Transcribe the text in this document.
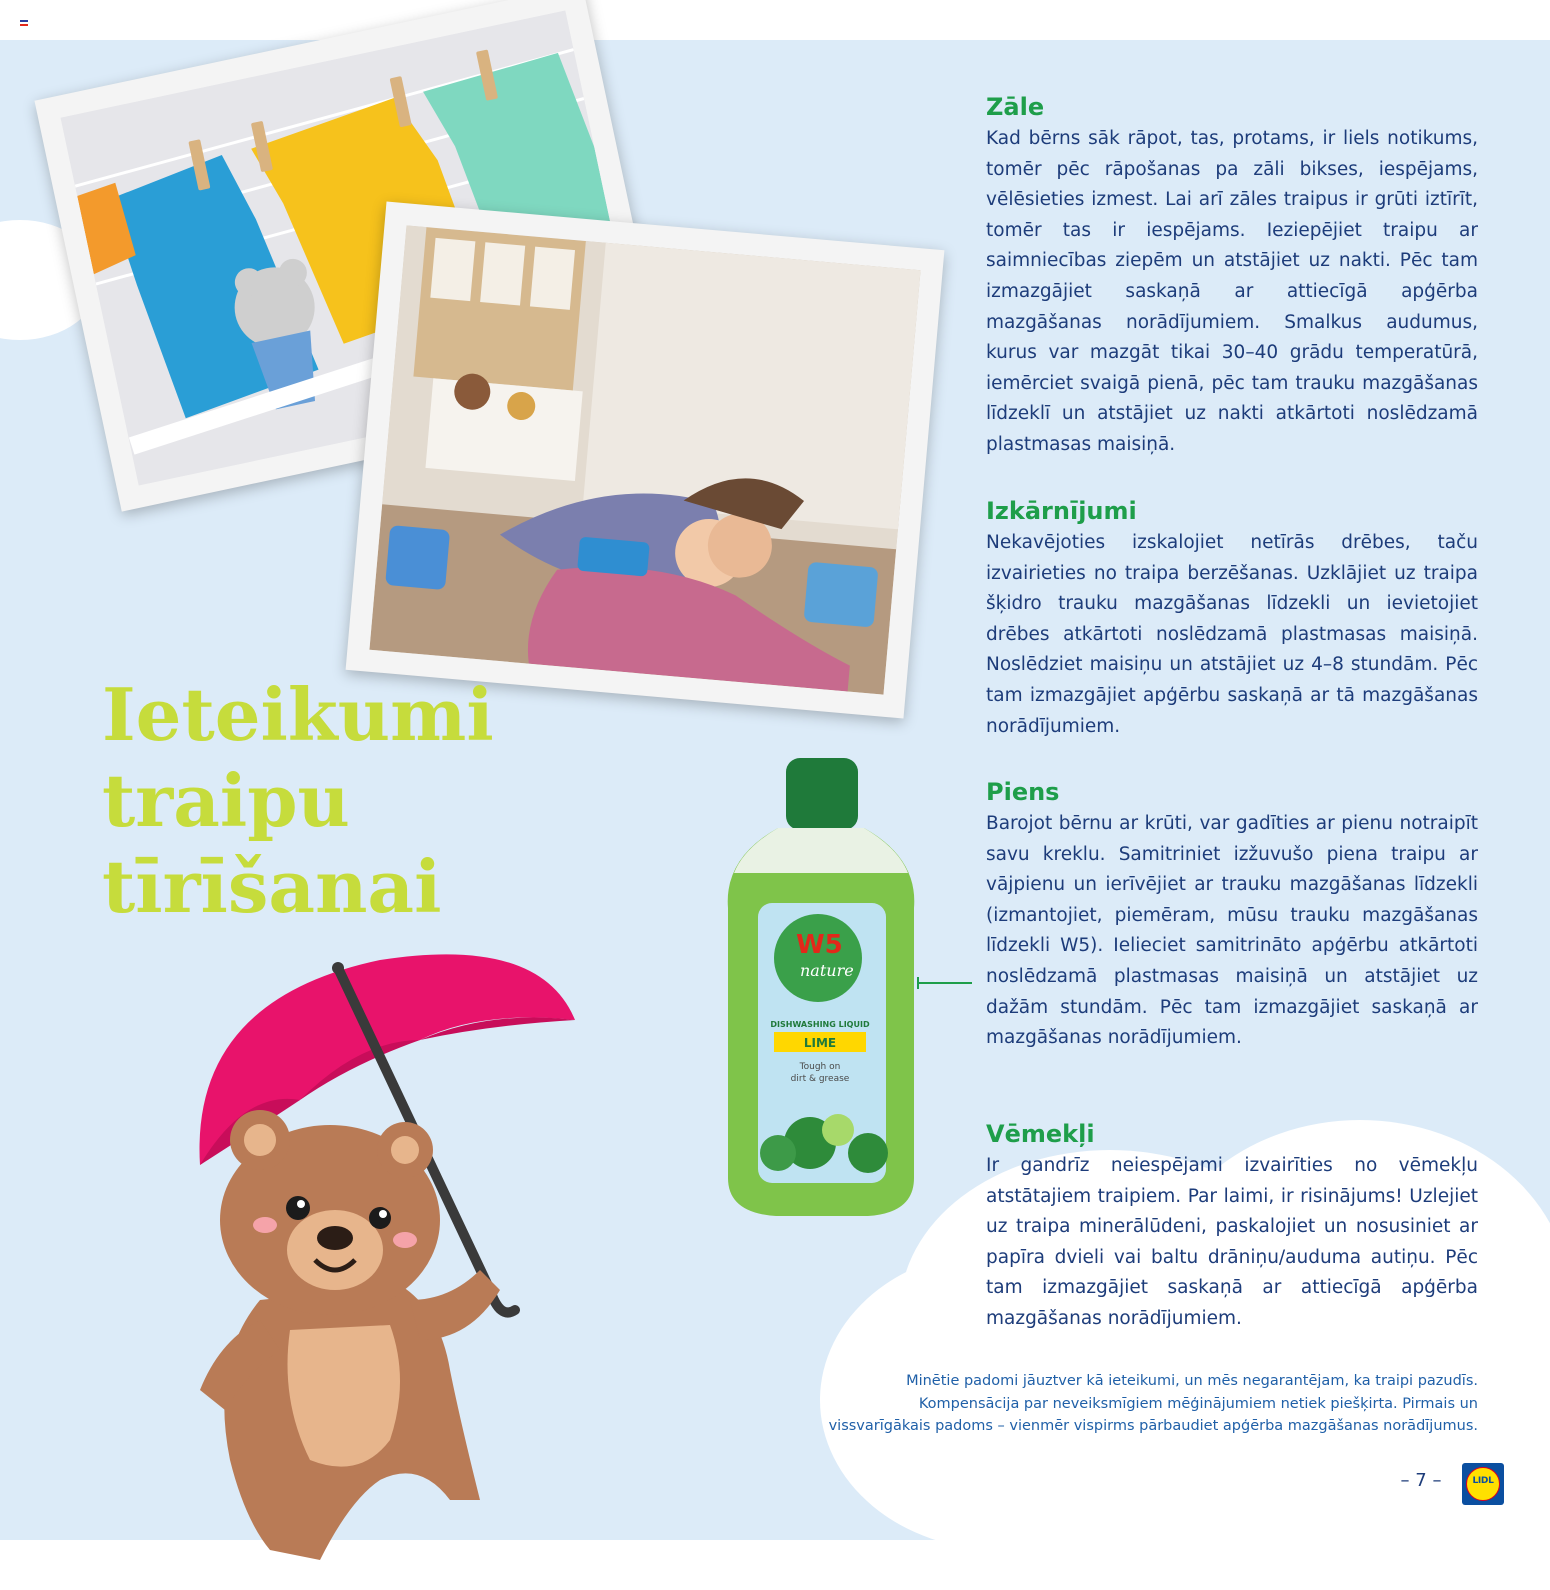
Ieteikumi
traipu
tīrīšanai
W5
nature
DISHWASHING LIQUID
LIME
Tough on
dirt & grease
Zāle

Kad bērns sāk rāpot, tas, protams, ir liels notikums, tomēr pēc rāpošanas pa zāli bikses, iespējams, vēlēsieties izmest. Lai arī zāles traipus ir grūti iztīrīt, tomēr tas ir iespējams. Ieziepējiet traipu ar saimniecības ziepēm un atstājiet uz nakti. Pēc tam izmazgājiet saskaņā ar attiecīgā apģērba mazgāšanas norādījumiem. Smalkus audumus, kurus var mazgāt tikai 30–40 grādu temperatūrā, iemērciet svaigā pienā, pēc tam trauku mazgāšanas līdzeklī un atstājiet uz nakti atkārtoti noslēdzamā plastmasas maisiņā.

Izkārnījumi

Nekavējoties izskalojiet netīrās drēbes, taču izvairieties no traipa berzēšanas. Uzklājiet uz traipa šķidro trauku mazgāšanas līdzekli un ievietojiet drēbes atkārtoti noslēdzamā plastmasas maisiņā. Noslēdziet maisiņu un atstājiet uz 4–8 stundām. Pēc tam izmazgājiet apģērbu saskaņā ar tā mazgāšanas norādījumiem.

Piens

Barojot bērnu ar krūti, var gadīties ar pienu notraipīt savu kreklu. Samitriniet izžuvušo piena traipu ar vājpienu un ierīvējiet ar trauku mazgāšanas līdzekli (izmantojiet, piemēram, mūsu trauku mazgāšanas līdzekli W5). Ielieciet samitrināto apģērbu atkārtoti noslēdzamā plastmasas maisiņā un atstājiet uz dažām stundām. Pēc tam izmazgājiet saskaņā ar mazgāšanas norādījumiem.

Vēmekļi

Ir gandrīz neiespējami izvairīties no vēmekļu atstātajiem traipiem. Par laimi, ir risinājums! Uzlejiet uz traipa minerālūdeni, paskalojiet un nosusiniet ar papīra dvieli vai baltu drāniņu/auduma autiņu. Pēc tam izmazgājiet saskaņā ar attiecīgā apģērba mazgāšanas norādījumiem.

Minētie padomi jāuztver kā ieteikumi, un mēs negarantējam, ka traipi pazudīs.
Kompensācija par neveiksmīgiem mēģinājumiem netiek piešķirta. Pirmais un
vissvarīgākais padoms – vienmēr vispirms pārbaudiet apģērba mazgāšanas norādījumus.
– 7 –	LIDL
